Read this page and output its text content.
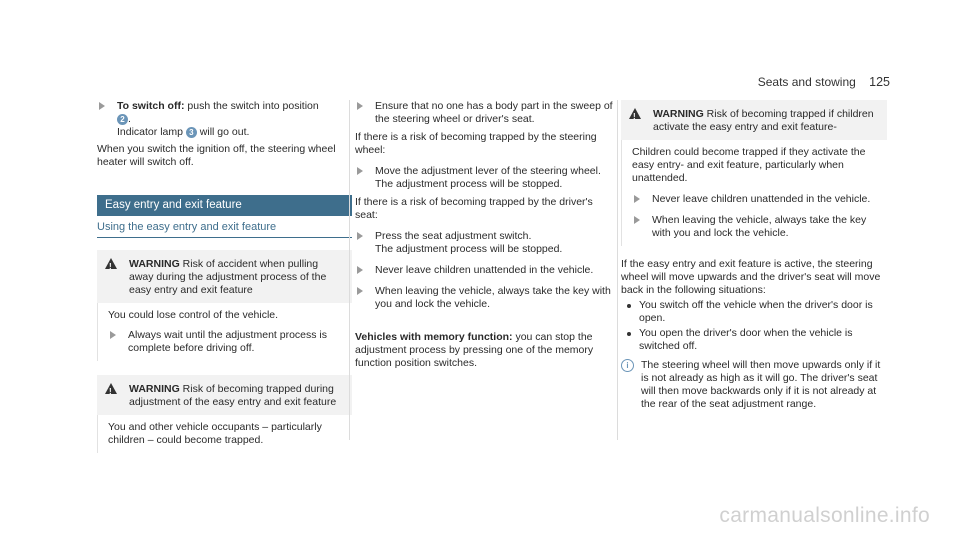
Seats and stowing 125
To switch off: push the switch into position
2 .
Indicator lamp 3 will go out.

When you switch the ignition off, the steering wheel heater will switch off.

Easy entry and exit feature
Using the easy entry and exit feature
! WARNING Risk of accident when pulling away during the adjustment process of the easy entry and exit feature

You could lose control of the vehicle.

Always wait until the adjustment process is complete before driving off.
! WARNING Risk of becoming trapped during adjustment of the easy entry and exit feature

You and other vehicle occupants – particularly children – could become trapped.

Ensure that no one has a body part in the sweep of the steering wheel or driver's seat.

If there is a risk of becoming trapped by the steering wheel:

Move the adjustment lever of the steering wheel.
The adjustment process will be stopped.

If there is a risk of becoming trapped by the driver's seat:

Press the seat adjustment switch.
The adjustment process will be stopped.
Never leave children unattended in the vehicle.
When leaving the vehicle, always take the key with you and lock the vehicle.

Vehicles with memory function: you can stop the adjustment process by pressing one of the memory function position switches.

! WARNING Risk of becoming trapped if children activate the easy entry and exit feature-

Children could become trapped if they activate the easy entry- and exit feature, particularly when unattended.

Never leave children unattended in the vehicle.
When leaving the vehicle, always take the key with you and lock the vehicle.

If the easy entry and exit feature is active, the steering wheel will move upwards and the driver's seat will move back in the following situations:

You switch off the vehicle when the driver's door is open.
You open the driver's door when the vehicle is switched off.
i	The steering wheel will then move upwards only if it is not already as high as it will go. The driver's seat will then move backwards only if it is not already at the rear of the seat adjustment range.
carmanualsonline.info
